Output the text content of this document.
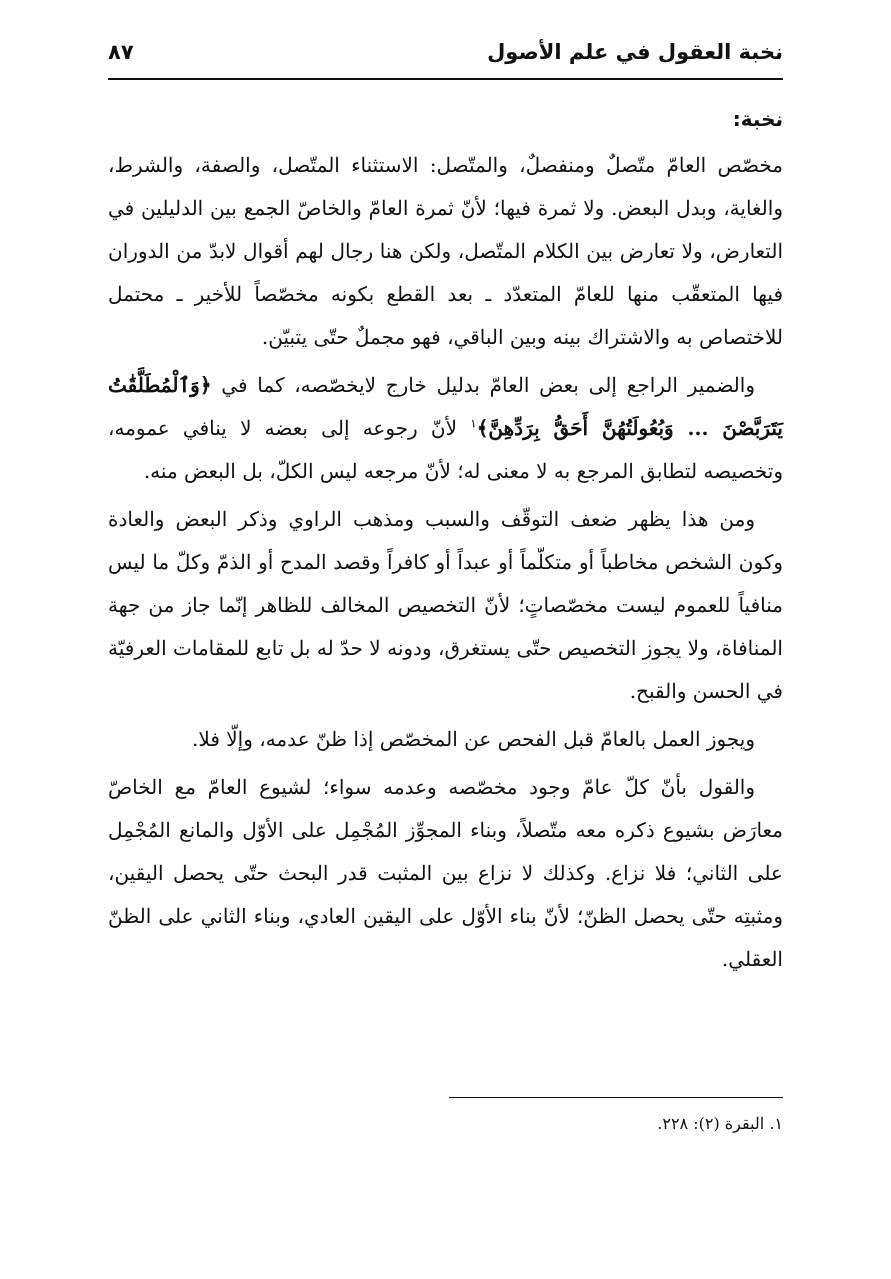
نخبة العقول في علم الأصول
٨٧
نخبة:

مخصّص العامّ متّصلٌ ومنفصلٌ، والمتّصل: الاستثناء المتّصل، والصفة، والشرط، والغاية، وبدل البعض. ولا ثمرة فيها؛ لأنّ ثمرة العامّ والخاصّ الجمع بين الدليلين في التعارض، ولا تعارض بين الكلام المتّصل، ولكن هنا رجال لهم أقوال لابدّ من الدوران فيها المتعقّب منها للعامّ المتعدّد ـ بعد القطع بكونه مخصّصاً للأخير ـ محتمل للاختصاص به والاشتراك بينه وبين الباقي، فهو مجملٌ حتّى يتبيّن.

والضمير الراجع إلى بعض العامّ بدليل خارج لايخصّصه، كما في ﴿وَٱلْمُطَلَّقَٰتُ يَتَرَبَّصْنَ ... وَبُعُولَتُهُنَّ أَحَقُّ بِرَدِّهِنَّ﴾$^١$ لأنّ رجوعه إلى بعضه لا ينافي عمومه، وتخصيصه لتطابق المرجع به لا معنى له؛ لأنّ مرجعه ليس الكلّ، بل البعض منه.

ومن هذا يظهر ضعف التوقّف والسبب ومذهب الراوي وذكر البعض والعادة وكون الشخص مخاطباً أو متكلّماً أو عبداً أو كافراً وقصد المدح أو الذمّ وكلّ ما ليس منافياً للعموم ليست مخصّصاتٍ؛ لأنّ التخصيص المخالف للظاهر إنّما جاز من جهة المنافاة، ولا يجوز التخصيص حتّى يستغرق، ودونه لا حدّ له بل تابع للمقامات العرفيّة في الحسن والقبح.

ويجوز العمل بالعامّ قبل الفحص عن المخصّص إذا ظنّ عدمه، وإلّا فلا.

والقول بأنّ كلّ عامّ وجود مخصّصه وعدمه سواء؛ لشيوع العامّ مع الخاصّ معارَض بشيوع ذكره معه متّصلاً، وبناء المجوِّز المُجْمِل على الأوّل والمانع المُجْمِل على الثاني؛ فلا نزاع. وكذلك لا نزاع بين المثبت قدر البحث حتّى يحصل اليقين، ومثبتِه حتّى يحصل الظنّ؛ لأنّ بناء الأوّل على اليقين العادي، وبناء الثاني على الظنّ العقلي.

١. البقرة (٢): ٢٢٨.
